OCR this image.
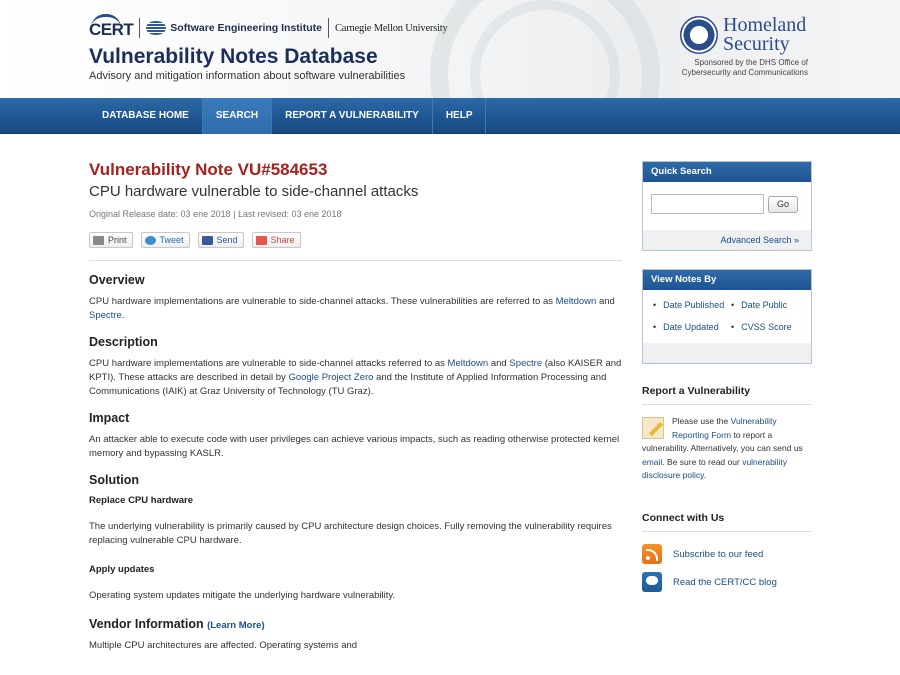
CERT	Software Engineering Institute Carnegie Mellon University
Vulnerability Notes Database
Advisory and mitigation information about software vulnerabilities
Homeland
Security
Sponsored by the DHS Office of
Cybersecurity and Communications
DATABASE HOME	SEARCH	REPORT A VULNERABILITY	HELP
Vulnerability Note VU#584653
CPU hardware vulnerable to side-channel attacks
Original Release date: 03 ene 2018 | Last revised: 03 ene 2018
Print	Tweet	Send	Share
Overview
CPU hardware implementations are vulnerable to side-channel attacks. These vulnerabilities are referred to as Meltdown and Spectre.
Description
CPU hardware implementations are vulnerable to side-channel attacks referred to as Meltdown and Spectre (also KAISER and KPTI). These attacks are described in detail by Google Project Zero and the Institute of Applied Information Processing and Communications (IAIK) at Graz University of Technology (TU Graz).
Impact
An attacker able to execute code with user privileges can achieve various impacts, such as reading otherwise protected kernel memory and bypassing KASLR.
Solution
Replace CPU hardware
The underlying vulnerability is primarily caused by CPU architecture design choices. Fully removing the vulnerability requires replacing vulnerable CPU hardware.
Apply updates
Operating system updates mitigate the underlying hardware vulnerability.
Vendor Information (Learn More)
Multiple CPU architectures are affected. Operating systems and
Quick Search
Go
Advanced Search »
View Notes By
• Date Published	• Date Public
• Date Updated	• CVSS Score
Report a Vulnerability
Please use the Vulnerability Reporting Form to report a vulnerability. Alternatively, you can send us email. Be sure to read our vulnerability disclosure policy.
Connect with Us
Subscribe to our feed
Read the CERT/CC blog
